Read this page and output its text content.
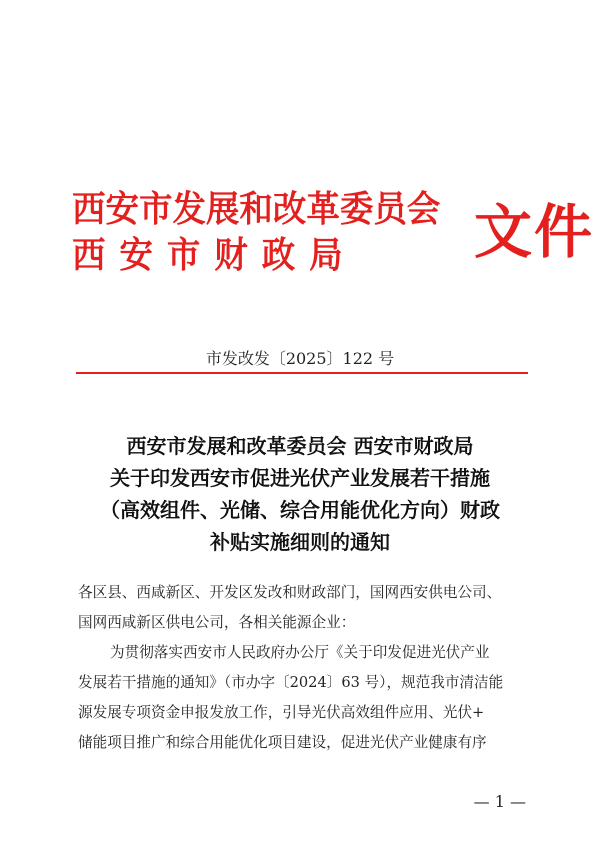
西安市发展和改革委员会
西安市财政局	文件
市发改发〔2025〕122 号
西安市发展和改革委员会 西安市财政局
关于印发西安市促进光伏产业发展若干措施
（高效组件、光储、综合用能优化方向）财政
补贴实施细则的通知
各区县、西咸新区、开发区发改和财政部门，国网西安供电公司、
国网西咸新区供电公司，各相关能源企业：
为贯彻落实西安市人民政府办公厅《关于印发促进光伏产业
发展若干措施的通知》（市办字〔2024〕63 号），规范我市清洁能
源发展专项资金申报发放工作，引导光伏高效组件应用、光伏+
储能项目推广和综合用能优化项目建设，促进光伏产业健康有序
— 1 —
